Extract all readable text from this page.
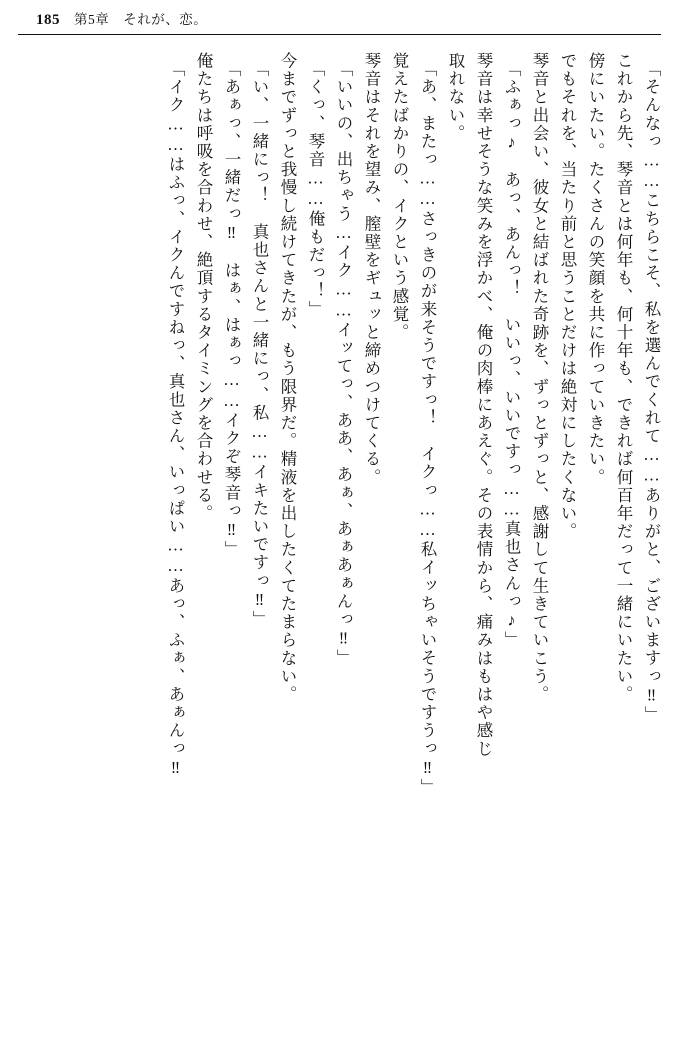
185 第5章 それが、恋。
「そんなっ……こちらこそ、私を選んでくれて……ありがと、ございますっ‼」
これから先、琴音とは何年も、何十年も、できれば何百年だって一緒にいたい。
傍にいたい。たくさんの笑顔を共に作っていきたい。
でもそれを、当たり前と思うことだけは絶対にしたくない。
琴音と出会い、彼女と結ばれた奇跡を、ずっとずっと、感謝して生きていこう。
「ふぁっ♪　あっ、あんっ！　いいっ、いいですっ……真也さんっ♪」
琴音は幸せそうな笑みを浮かべ、俺の肉棒にあえぐ。その表情から、痛みはもはや感じ
取れない。
「あ、またっ……さっきのが来そうですっ！　イクっ……私イッちゃいそうですうっ‼」
覚えたばかりの、イクという感覚。
琴音はそれを望み、膣壁をギュッと締めつけてくる。
「いいの、出ちゃう…イク……イッてっ、ああ、あぁ、あぁあぁんっ‼」
「くっ、琴音……俺もだっ！」
今までずっと我慢し続けてきたが、もう限界だ。精液を出したくてたまらない。
「い、一緒にっ！　真也さんと一緒にっ、私……イキたいですっ‼」
「あぁっ、一緒だっ‼　はぁ、はぁっ……イクぞ琴音っ‼」
俺たちは呼吸を合わせ、絶頂するタイミングを合わせる。
「イク……はふっ、イクんですねっ、真也さん、いっぱい……あっ、ふぁ、あぁんっ‼
